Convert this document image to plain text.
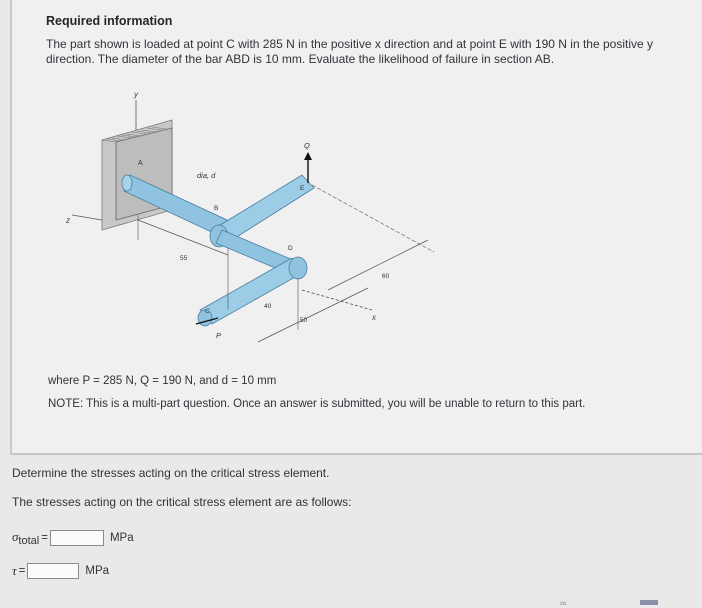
Required information
The part shown is loaded at point C with 285 N in the positive x direction and at point E with 190 N in the positive y direction. The diameter of the bar ABD is 10 mm. Evaluate the likelihood of failure in section AB.
y
z
x
A
dia, d
B
E
Q
D
C
P
55
40
50
60
where P = 285 N, Q = 190 N, and d = 10 mm
NOTE: This is a multi-part question. Once an answer is submitted, you will be unable to return to this part.
Determine the stresses acting on the critical stress element.
The stresses acting on the critical stress element are as follows:
$\sigma_{total}$ =	MPa
τ =	MPa
∞
